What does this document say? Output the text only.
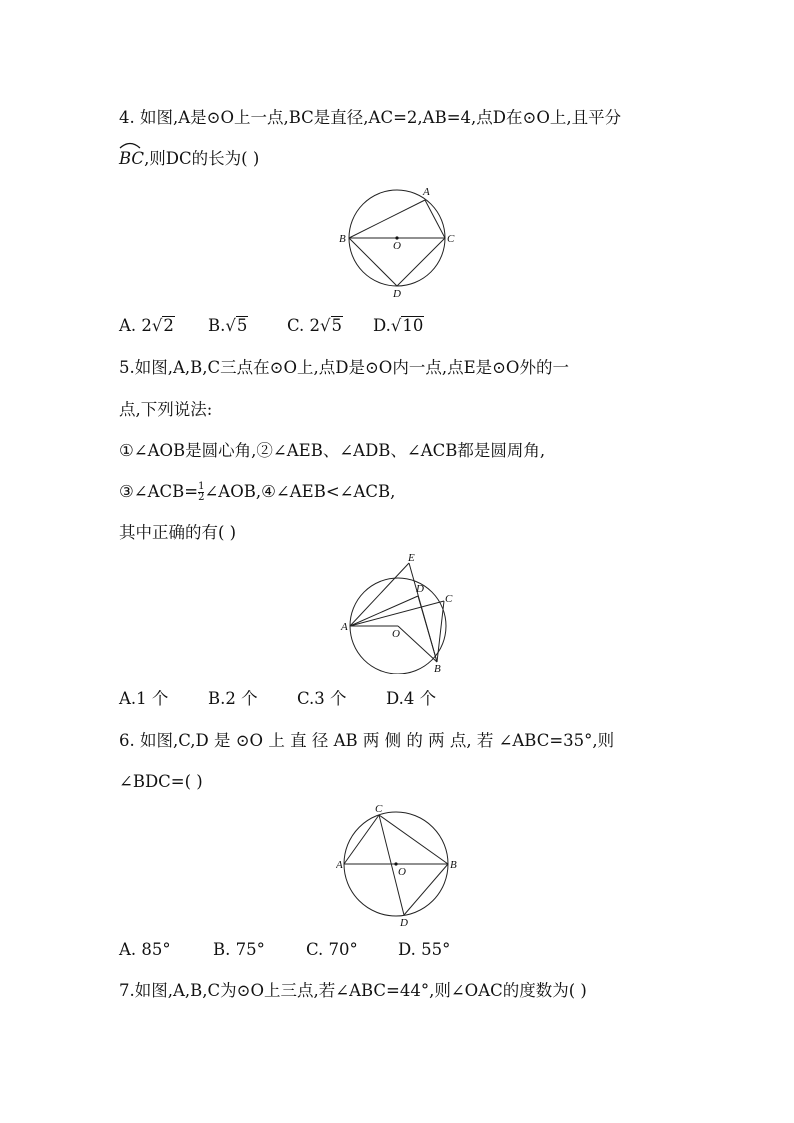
4. 如图,A是⊙O上一点,BC是直径,AC=2,AB=4,点D在⊙O上,且平分
BC,则DC的长为( )
A
B	C
O
D
A. 2√2 B.√5 C. 2√5 D.√10
5.如图,A,B,C三点在⊙O上,点D是⊙O内一点,点E是⊙O外的一
点,下列说法:
①∠AOB是圆心角,②∠AEB、∠ADB、∠ACB都是圆周角,
③∠ACB= $\frac{1}{2}$ ∠AOB,④∠AEB<∠ACB,
其中正确的有( )
E
D
C
A
O
B
A.1 个 B.2 个 C.3 个 D.4 个
6. 如图,C,D 是 ⊙O 上 直 径 AB 两 侧 的 两 点, 若 ∠ABC=35°,则
∠BDC=( )
C
A
O
B
D
A. 85°	B. 75° C. 70° D. 55°
7.如图,A,B,C为⊙O上三点,若∠ABC=44°,则∠OAC的度数为( )
